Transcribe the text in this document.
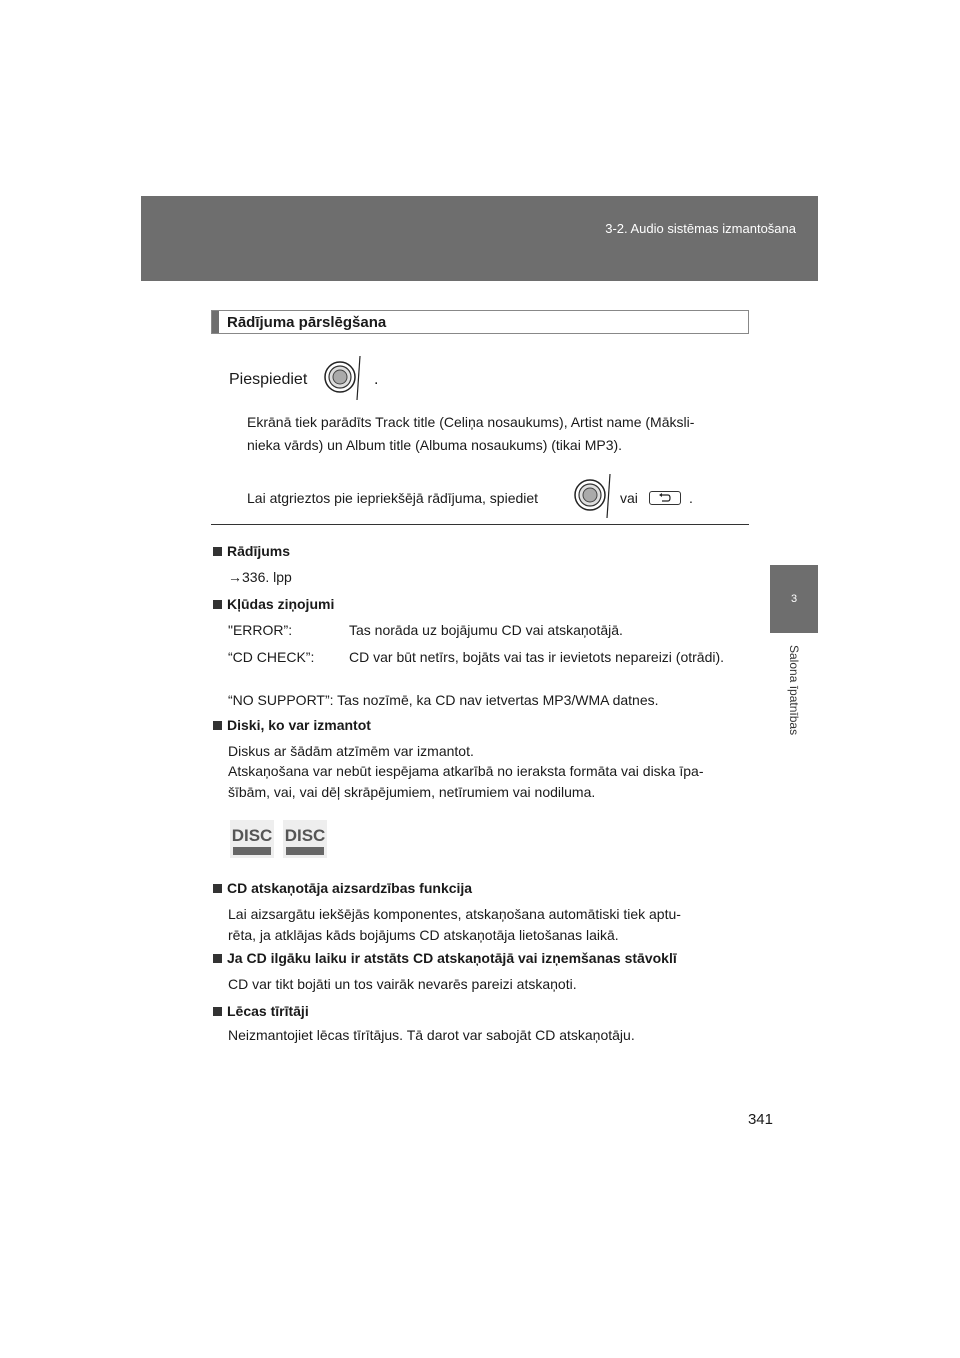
3-2. Audio sistēmas izmantošana
3
Salona īpatnības
Rādījuma pārslēgšana
Piespiediet	.
Ekrānā tiek parādīts Track title (Celiņa nosaukums), Artist name (Māksli-
nieka vārds) un Album title (Albuma nosaukums) (tikai MP3).
Lai atgrieztos pie iepriekšējā rādījuma, spiediet	vai	.
Rādījums
→336. lpp
Kļūdas ziņojumi
"ERROR”:	Tas norāda uz bojājumu CD vai atskaņotājā.
“CD CHECK”: CD var būt netīrs, bojāts vai tas ir ievietots nepareizi (otrādi).
“NO SUPPORT”: Tas nozīmē, ka CD nav ietvertas MP3/WMA datnes.
Diski, ko var izmantot
Diskus ar šādām atzīmēm var izmantot.
Atskaņošana var nebūt iespējama atkarībā no ieraksta formāta vai diska īpa-
šībām, vai, vai dēļ skrāpējumiem, netīrumiem vai nodiluma.
DISC DISC
CD atskaņotāja aizsardzības funkcija
Lai aizsargātu iekšējās komponentes, atskaņošana automātiski tiek aptu-
rēta, ja atklājas kāds bojājums CD atskaņotāja lietošanas laikā.
Ja CD ilgāku laiku ir atstāts CD atskaņotājā vai izņemšanas stāvoklī
CD var tikt bojāti un tos vairāk nevarēs pareizi atskaņoti.
Lēcas tīrītāji
Neizmantojiet lēcas tīrītājus. Tā darot var sabojāt CD atskaņotāju.
341
